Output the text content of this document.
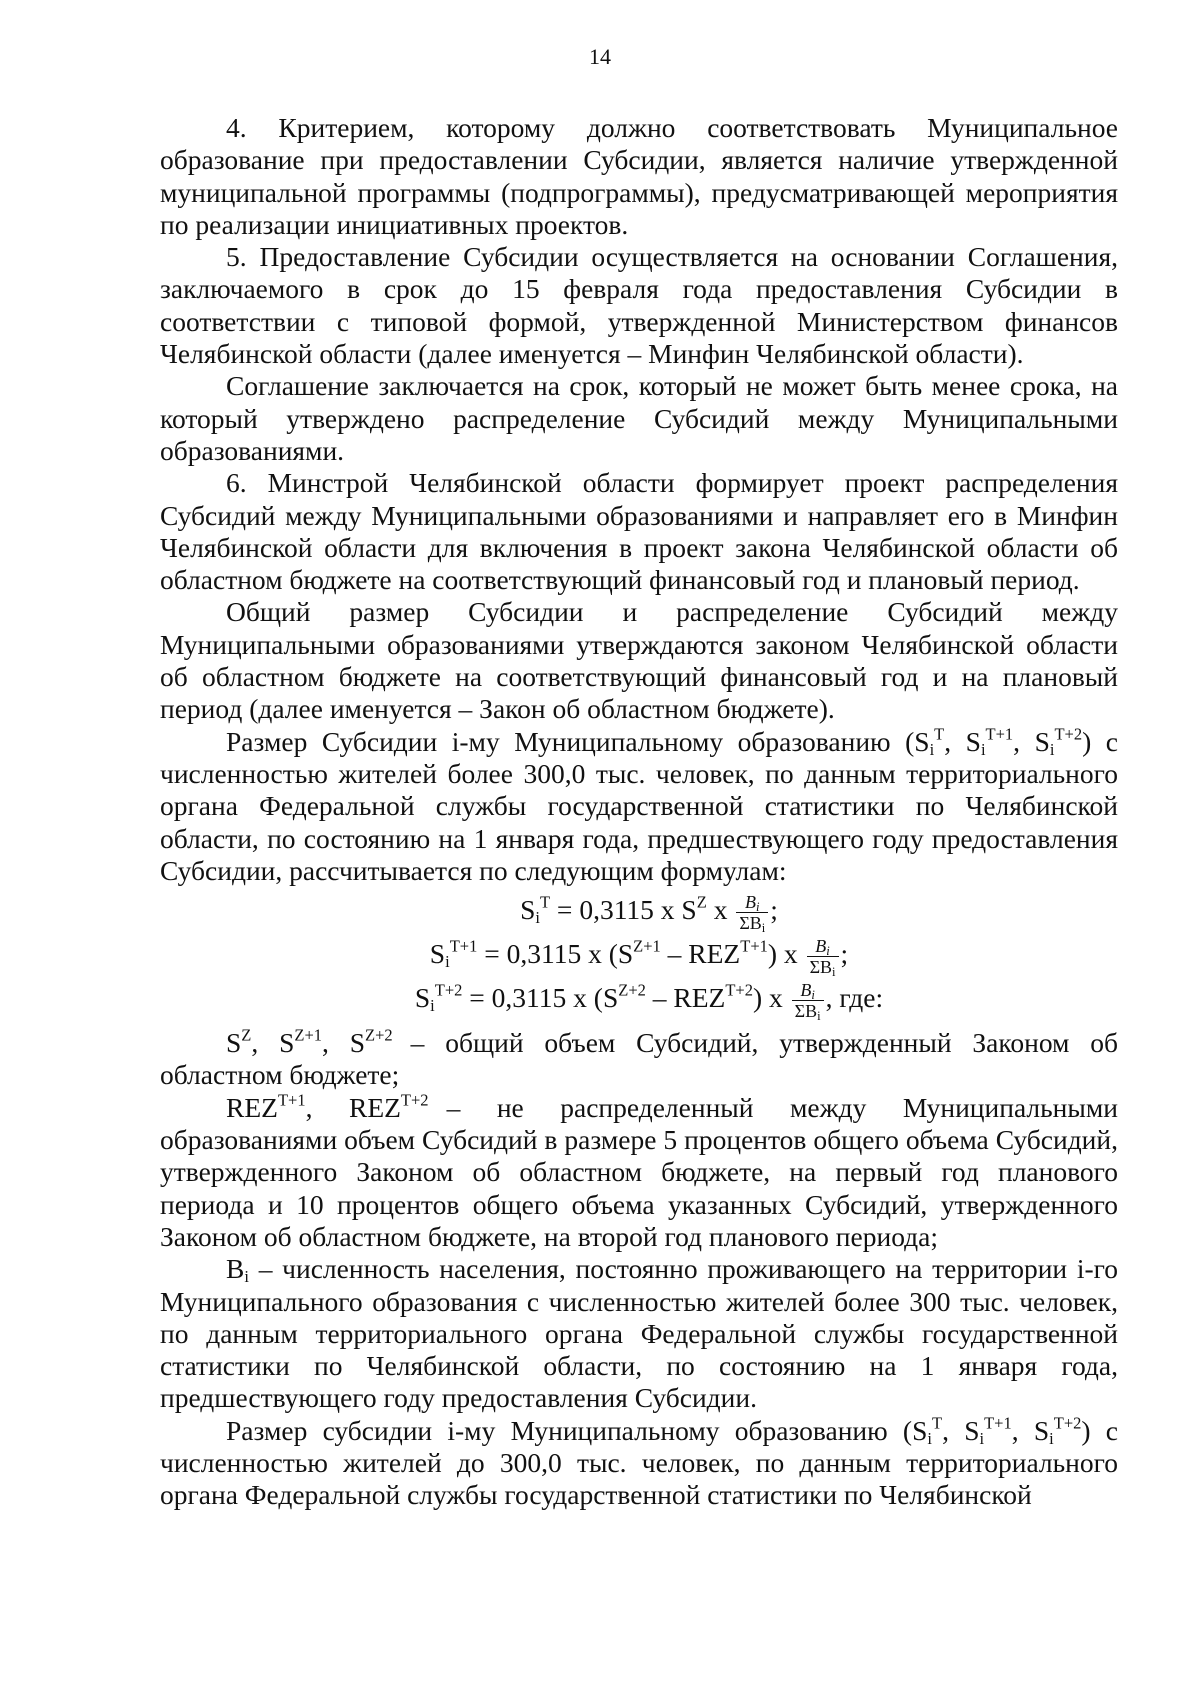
14

4. Критерием, которому должно соответствовать Муниципальное образование при предоставлении Субсидии, является наличие утвержденной муниципальной программы (подпрограммы), предусматривающей мероприятия по реализации инициативных проектов.

5. Предоставление Субсидии осуществляется на основании Соглашения, заключаемого в срок до 15 февраля года предоставления Субсидии в соответствии с типовой формой, утвержденной Министерством финансов Челябинской области (далее именуется – Минфин Челябинской области).

Соглашение заключается на срок, который не может быть менее срока, на который утверждено распределение Субсидий между Муниципальными образованиями.

6. Минстрой Челябинской области формирует проект распределения Субсидий между Муниципальными образованиями и направляет его в Минфин Челябинской области для включения в проект закона Челябинской области об областном бюджете на соответствующий финансовый год и плановый период.

Общий размер Субсидии и распределение Субсидий между Муниципальными образованиями утверждаются законом Челябинской области об областном бюджете на соответствующий финансовый год и на плановый период (далее именуется – Закон об областном бюджете).

Размер Субсидии i-му Муниципальному образованию ($S_i^T$, $S_i^{T+1}$, $S_i^{T+2}$) с численностью жителей более 300,0 тыс. человек, по данным территориального органа Федеральной службы государственной статистики по Челябинской области, по состоянию на 1 января года, предшествующего году предоставления Субсидии, рассчитывается по следующим формулам:

$S_i^T = 0,3115$ x $S^Z$ x $\frac{B_i}{\Sigma B_i}$ ;
$S_i^{T+1} = 0,3115$ x $(S^{Z+1} - REZ^{T+1})$ x $\frac{B_i}{\Sigma B_i}$ ;
$S_i^{T+2} = 0,3115$ x $(S^{Z+2} - REZ^{T+2})$ x $\frac{B_i}{\Sigma B_i}$ , где:

$S^Z$, $S^{Z+1}$, $S^{Z+2}$ – общий объем Субсидий, утвержденный Законом об областном бюджете;

$REZ^{T+1}$, $REZ^{T+2}$ – не распределенный между Муниципальными образованиями объем Субсидий в размере 5 процентов общего объема Субсидий, утвержденного Законом об областном бюджете, на первый год планового периода и 10 процентов общего объема указанных Субсидий, утвержденного Законом об областном бюджете, на второй год планового периода;

$B_i$ – численность населения, постоянно проживающего на территории i-го Муниципального образования с численностью жителей более 300 тыс. человек, по данным территориального органа Федеральной службы государственной статистики по Челябинской области, по состоянию на 1 января года, предшествующего году предоставления Субсидии.

Размер субсидии i-му Муниципальному образованию ($S_i^T$, $S_i^{T+1}$, $S_i^{T+2}$) с численностью жителей до 300,0 тыс. человек, по данным территориального органа Федеральной службы государственной статистики по Челябинской
